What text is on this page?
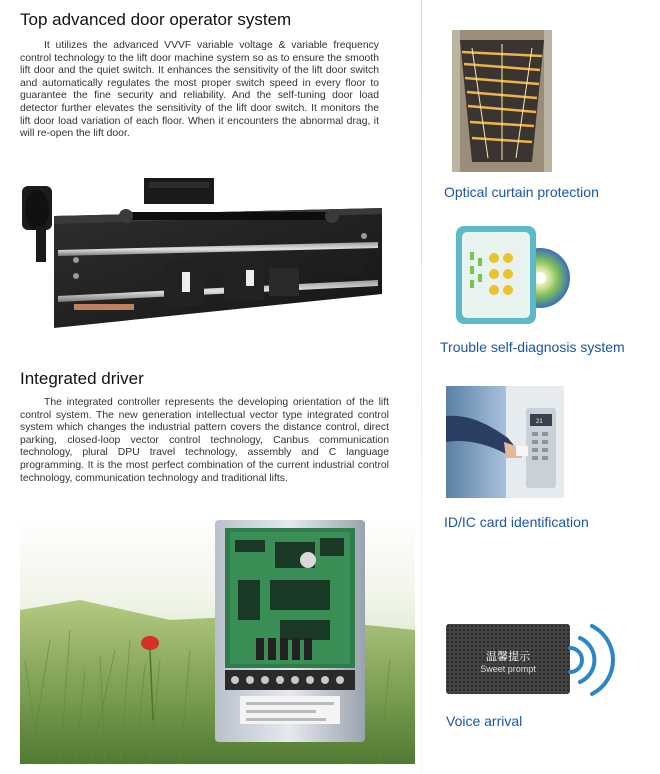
Top advanced door operator system

It utilizes the advanced VVVF variable voltage & variable frequency control technology to the lift door machine system so as to ensure the smooth lift door and the quiet switch. It enhances the sensitivity of the lift door switch and automatically regulates the most proper switch speed in every floor to guarantee the fine security and reliability. And the self-tuning door load detector further elevates the sensitivity of the lift door switch. It monitors the lift door load variation of each floor. When it encounters the abnormal drag, it will re-open the lift door.

Integrated driver

The integrated controller represents the developing orientation of the lift control system. The new generation intellectual vector type integrated control system which changes the industrial pattern covers the distance control, direct parking, closed-loop vector control technology, Canbus communication technology, plural DPU travel technology, assembly and C language programming. It is the most perfect combination of the current industrial control technology, communication technology and traditional lifts.

Optical curtain protection

Trouble self-diagnosis system

21

ID/IC card identification

温馨提示
Sweet prompt

Voice arrival
